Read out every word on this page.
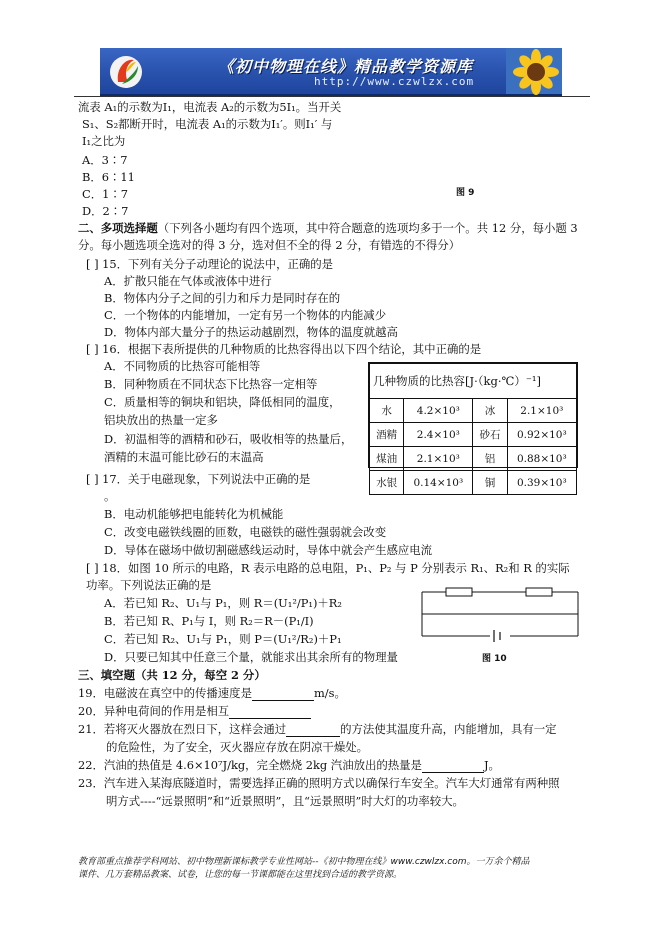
《初中物理在线》精品教学资源库
http://www.czwlzx.com
流表 A₁的示数为I₁，电流表 A₂的示数为5I₁。当开关
S₁、S₂都断开时，电流表 A₁的示数为I₁′。则I₁′ 与
I₁之比为
A．3∶7
B．6∶11
C．1∶7
D．2∶7
图 9
二、多项选择题（下列各小题均有四个选项，其中符合题意的选项均多于一个。共 12 分，每小题 3
分。每小题选项全选对的得 3 分，选对但不全的得 2 分，有错选的不得分）
[ ] 15．下列有关分子动理论的说法中，正确的是
A．扩散只能在气体或液体中进行
B．物体内分子之间的引力和斥力是同时存在的
C．一个物体的内能增加，一定有另一个物体的内能减少
D．物体内部大量分子的热运动越剧烈，物体的温度就越高
[ ] 16．根据下表所提供的几种物质的比热容得出以下四个结论，其中正确的是
A．不同物质的比热容可能相等
B．同种物质在不同状态下比热容一定相等
C．质量相等的铜块和铝块，降低相同的温度，
铝块放出的热量一定多
D．初温相等的酒精和砂石，吸收相等的热量后，
酒精的末温可能比砂石的末温高
几种物质的比热容[J·（kg·℃）⁻¹]			
水	4.2×10³	冰	2.1×10³
酒精	2.4×10³	砂石	0.92×10³
煤油	2.1×10³	铝	0.88×10³
水银	0.14×10³	铜	0.39×10³
[ ] 17．关于电磁现象，下列说法中正确的是
。
B．电动机能够把电能转化为机械能
C．改变电磁铁线圈的匝数，电磁铁的磁性强弱就会改变
D．导体在磁场中做切割磁感线运动时，导体中就会产生感应电流
[ ] 18．如图 10 所示的电路，R 表示电路的总电阻，P₁、P₂ 与 P 分别表示 R₁、R₂和 R 的实际
功率。下列说法正确的是
A．若已知 R₂、U₁与 P₁，则 R＝(U₁²/P₁)＋R₂
B．若已知 R、P₁与 I，则 R₂＝R－(P₁/I)
C．若已知 R₂、U₁与 P₁，则 P＝(U₁²/R₂)＋P₁
D．只要已知其中任意三个量，就能求出其余所有的物理量	图 10
三、填空题（共 12 分，每空 2 分）
19．电磁波在真空中的传播速度是	m/s。
20．异种电荷间的作用是相互
21．若将灭火器放在烈日下，这样会通过	的方法使其温度升高，内能增加，具有一定
的危险性，为了安全，灭火器应存放在阴凉干燥处。
22．汽油的热值是 4.6×10⁷J/kg，完全燃烧 2kg 汽油放出的热量是	J。
23．汽车进入某海底隧道时，需要选择正确的照明方式以确保行车安全。汽车大灯通常有两种照
明方式----“远景照明”和“近景照明”，且“远景照明”时大灯的功率较大。
教育部重点推荐学科网站、初中物理新课标教学专业性网站--《初中物理在线》www.czwlzx.com。一万余个精品
课件、几万套精品教案、试卷，让您的每一节课都能在这里找到合适的教学资源。
